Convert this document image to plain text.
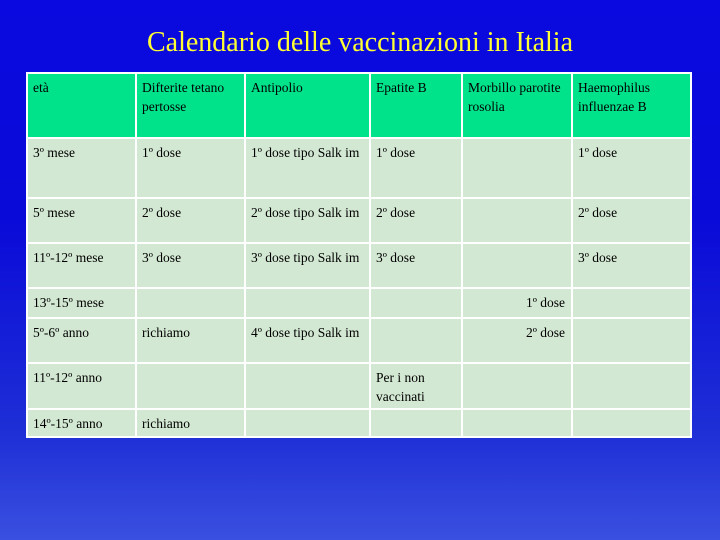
Calendario delle vaccinazioni in Italia
età	Difterite tetano pertosse	Antipolio	Epatite B	Morbillo parotite rosolia	Haemophilus influenzae B
3º mese	1º dose	1º dose tipo Salk im	1º dose		1º dose
5º mese	2º dose	2º dose tipo Salk im	2º dose		2º dose
11º-12º mese	3º dose	3º dose tipo Salk im	3º dose		3º dose
13º-15º mese				1º dose	
5º-6º anno	richiamo	4º dose tipo Salk im		2º dose	
11º-12º anno			Per i non vaccinati		
14º-15º anno	richiamo				
